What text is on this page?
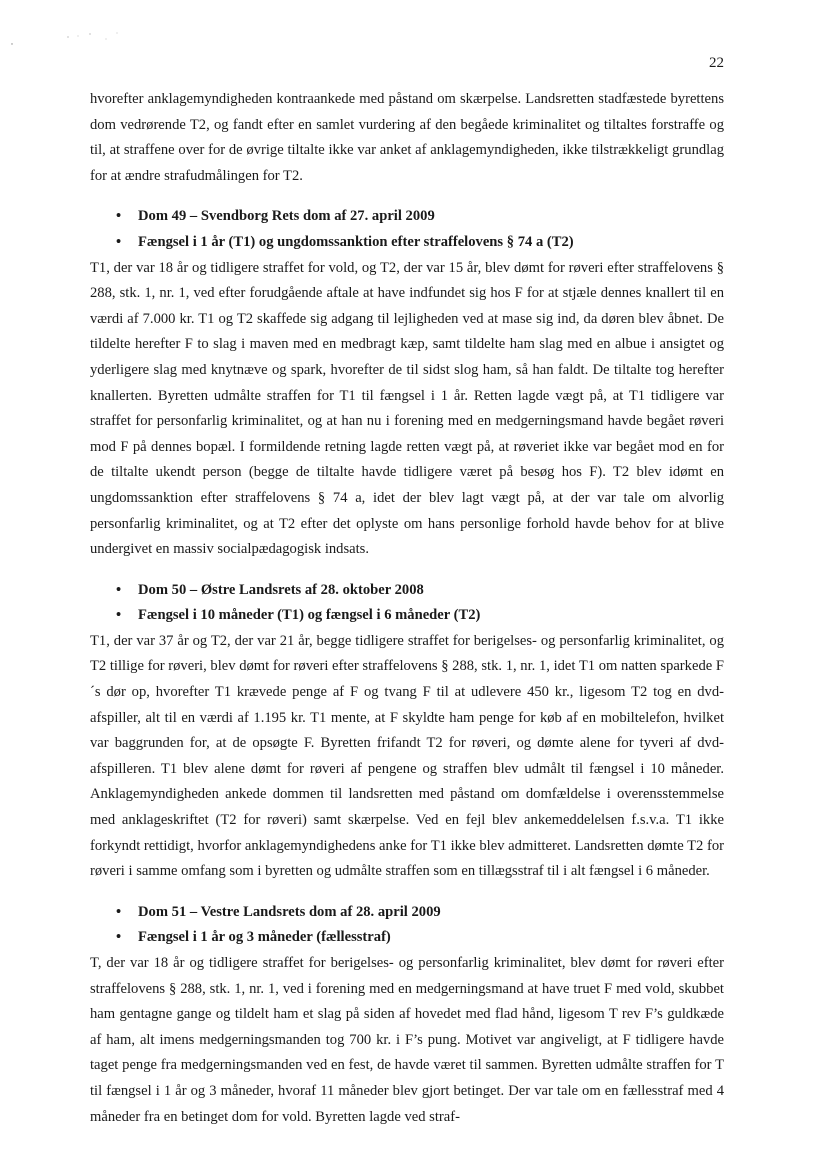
22

hvorefter anklagemyndigheden kontraankede med påstand om skærpelse. Landsretten stadfæstede byrettens dom vedrørende T2, og fandt efter en samlet vurdering af den begåede kriminalitet og tiltaltes forstraffe og til, at straffene over for de øvrige tiltalte ikke var anket af anklagemyndigheden, ikke tilstrækkeligt grundlag for at ændre strafudmålingen for T2.

• Dom 49 – Svendborg Rets dom af 27. april 2009
• Fængsel i 1 år (T1) og ungdomssanktion efter straffelovens § 74 a (T2)

T1, der var 18 år og tidligere straffet for vold, og T2, der var 15 år, blev dømt for røveri efter straffelovens § 288, stk. 1, nr. 1, ved efter forudgående aftale at have indfundet sig hos F for at stjæle dennes knallert til en værdi af 7.000 kr. T1 og T2 skaffede sig adgang til lejligheden ved at mase sig ind, da døren blev åbnet. De tildelte herefter F to slag i maven med en medbragt kæp, samt tildelte ham slag med en albue i ansigtet og yderligere slag med knytnæve og spark, hvorefter de til sidst slog ham, så han faldt. De tiltalte tog herefter knallerten. Byretten udmålte straffen for T1 til fængsel i 1 år. Retten lagde vægt på, at T1 tidligere var straffet for personfarlig kriminalitet, og at han nu i forening med en medgerningsmand havde begået røveri mod F på dennes bopæl. I formildende retning lagde retten vægt på, at røveriet ikke var begået mod en for de tiltalte ukendt person (begge de tiltalte havde tidligere været på besøg hos F). T2 blev idømt en ungdomssanktion efter straffelovens § 74 a, idet der blev lagt vægt på, at der var tale om alvorlig personfarlig kriminalitet, og at T2 efter det oplyste om hans personlige forhold havde behov for at blive undergivet en massiv socialpædagogisk indsats.

• Dom 50 – Østre Landsrets af 28. oktober 2008
• Fængsel i 10 måneder (T1) og fængsel i 6 måneder (T2)

T1, der var 37 år og T2, der var 21 år, begge tidligere straffet for berigelses- og personfarlig kriminalitet, og T2 tillige for røveri, blev dømt for røveri efter straffelovens § 288, stk. 1, nr. 1, idet T1 om natten sparkede F´s dør op, hvorefter T1 krævede penge af F og tvang F til at udlevere 450 kr., ligesom T2 tog en dvd-afspiller, alt til en værdi af 1.195 kr. T1 mente, at F skyldte ham penge for køb af en mobiltelefon, hvilket var baggrunden for, at de opsøgte F. Byretten frifandt T2 for røveri, og dømte alene for tyveri af dvd-afspilleren. T1 blev alene dømt for røveri af pengene og straffen blev udmålt til fængsel i 10 måneder. Anklagemyndigheden ankede dommen til landsretten med påstand om domfældelse i overensstemmelse med anklageskriftet (T2 for røveri) samt skærpelse. Ved en fejl blev ankemeddelelsen f.s.v.a. T1 ikke forkyndt rettidigt, hvorfor anklagemyndighedens anke for T1 ikke blev admitteret. Landsretten dømte T2 for røveri i samme omfang som i byretten og udmålte straffen som en tillægsstraf til i alt fængsel i 6 måneder.

• Dom 51 – Vestre Landsrets dom af 28. april 2009
• Fængsel i 1 år og 3 måneder (fællesstraf)

T, der var 18 år og tidligere straffet for berigelses- og personfarlig kriminalitet, blev dømt for røveri efter straffelovens § 288, stk. 1, nr. 1, ved i forening med en medgerningsmand at have truet F med vold, skubbet ham gentagne gange og tildelt ham et slag på siden af hovedet med flad hånd, ligesom T rev F’s guldkæde af ham, alt imens medgerningsmanden tog 700 kr. i F’s pung. Motivet var angiveligt, at F tidligere havde taget penge fra medgerningsmanden ved en fest, de havde været til sammen. Byretten udmålte straffen for T til fængsel i 1 år og 3 måneder, hvoraf 11 måneder blev gjort betinget. Der var tale om en fællesstraf med 4 måneder fra en betinget dom for vold. Byretten lagde ved straf-
